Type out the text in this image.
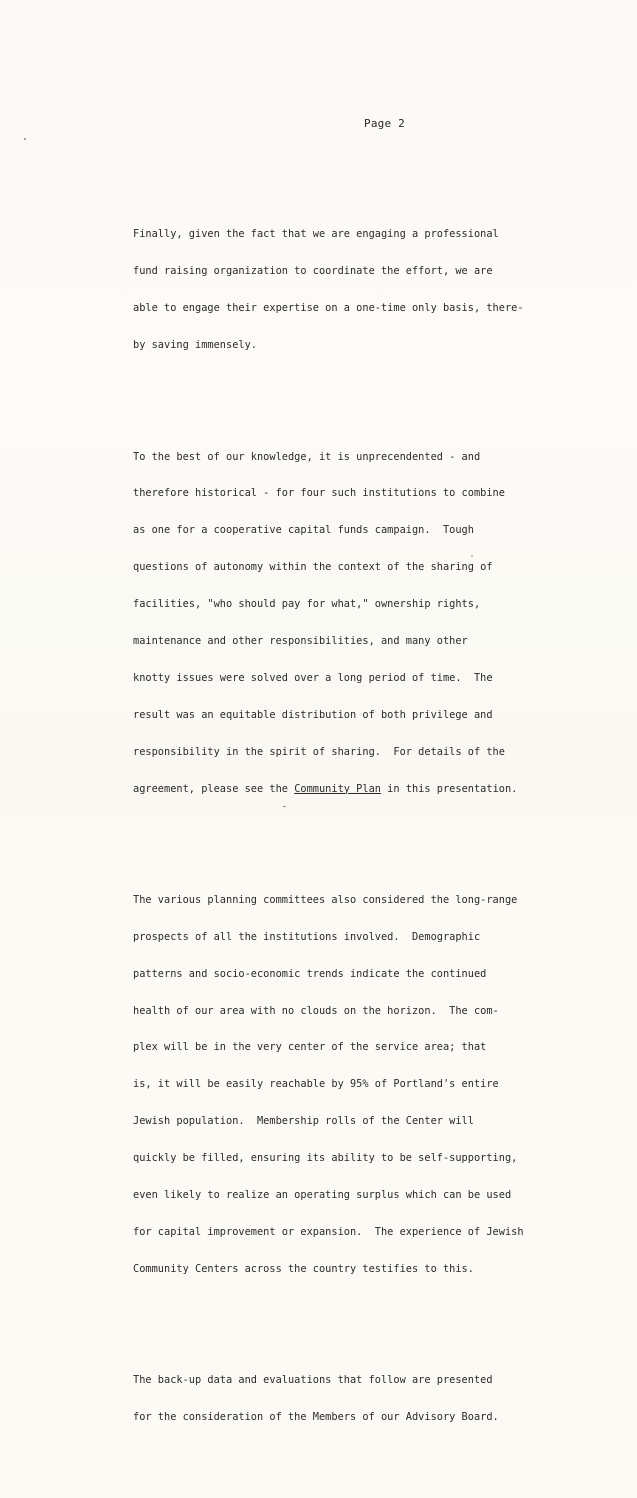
Page 2

Finally, given the fact that we are engaging a professional

fund raising organization to coordinate the effort, we are

able to engage their expertise on a one-time only basis, there-

by saving immensely.

To the best of our knowledge, it is unprecendented - and

therefore historical - for four such institutions to combine

as one for a cooperative capital funds campaign.  Tough

questions of autonomy within the context of the sharing of

facilities, "who should pay for what," ownership rights,

maintenance and other responsibilities, and many other

knotty issues were solved over a long period of time.  The

result was an equitable distribution of both privilege and

responsibility in the spirit of sharing.  For details of the

agreement, please see the Community Plan in this presentation.

The various planning committees also considered the long-range

prospects of all the institutions involved.  Demographic

patterns and socio-economic trends indicate the continued

health of our area with no clouds on the horizon.  The com-

plex will be in the very center of the service area; that

is, it will be easily reachable by 95% of Portland's entire

Jewish population.  Membership rolls of the Center will

quickly be filled, ensuring its ability to be self-supporting,

even likely to realize an operating surplus which can be used

for capital improvement or expansion.  The experience of Jewish

Community Centers across the country testifies to this.

The back-up data and evaluations that follow are presented

for the consideration of the Members of our Advisory Board.
